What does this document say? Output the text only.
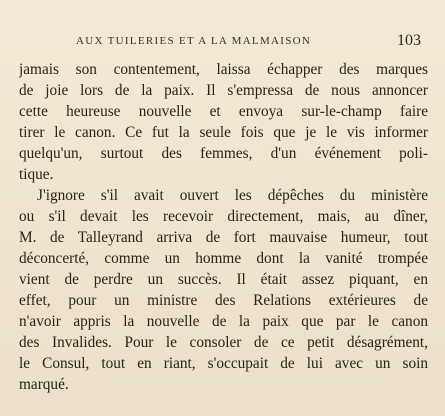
AUX TUILERIES ET A LA MALMAISON	103
jamais son contentement, laissa échapper des marques
de joie lors de la paix. Il s'empressa de nous annoncer
cette heureuse nouvelle et envoya sur-le-champ faire
tirer le canon. Ce fut la seule fois que je le vis informer
quelqu'un, surtout des femmes, d'un événement poli-
tique.
J'ignore s'il avait ouvert les dépêches du ministère
ou s'il devait les recevoir directement, mais, au dîner,
M. de Talleyrand arriva de fort mauvaise humeur, tout
déconcerté, comme un homme dont la vanité trompée
vient de perdre un succès. Il était assez piquant, en
effet, pour un ministre des Relations extérieures de
n'avoir appris la nouvelle de la paix que par le canon
des Invalides. Pour le consoler de ce petit désagrément,
le Consul, tout en riant, s'occupait de lui avec un soin
marqué.
